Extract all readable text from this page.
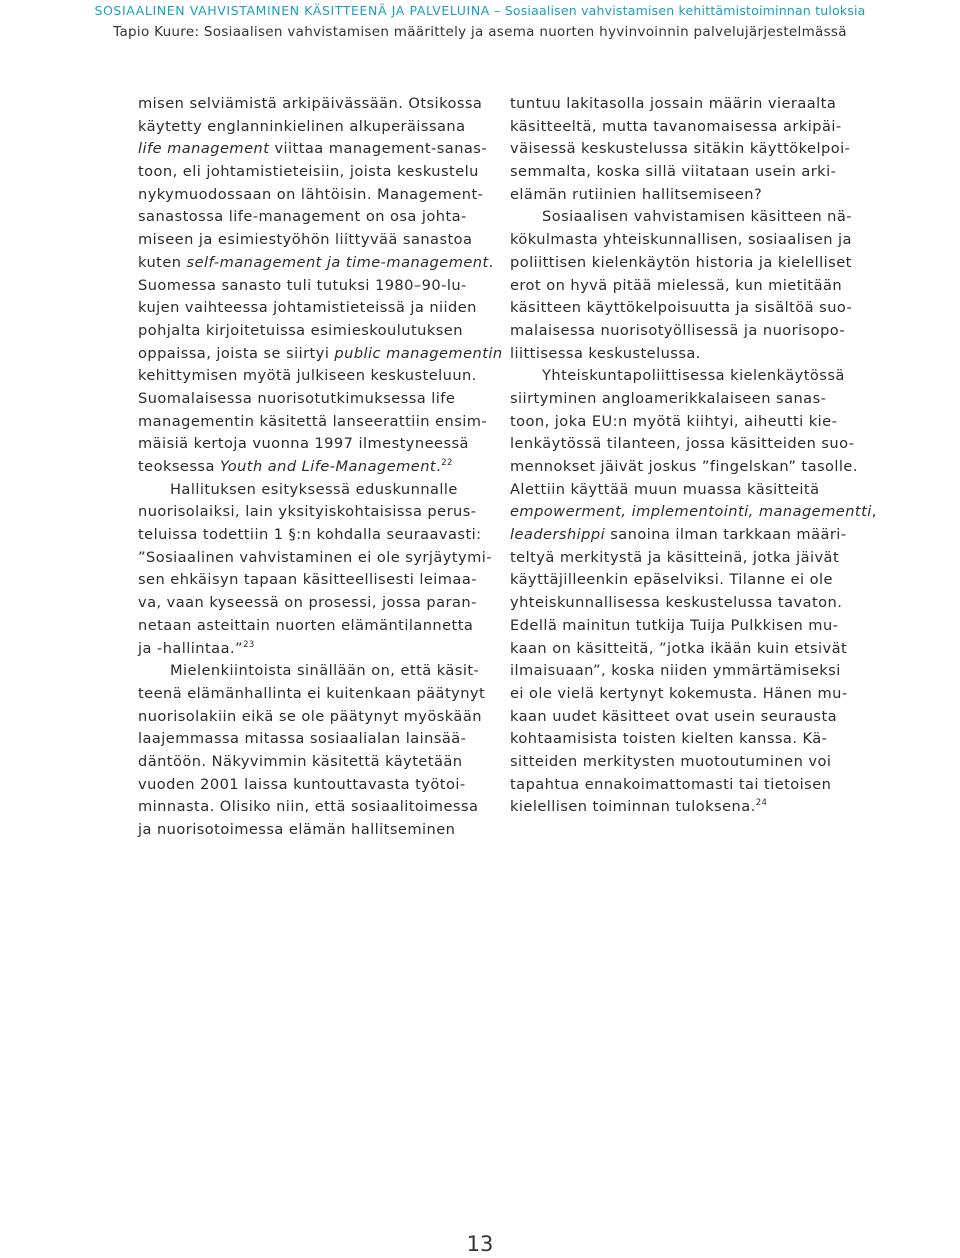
SOSIAALINEN VAHVISTAMINEN KÄSITTEENÄ JA PALVELUINA – Sosiaalisen vahvistamisen kehittämistoiminnan tuloksia
Tapio Kuure: Sosiaalisen vahvistamisen määrittely ja asema nuorten hyvinvoinnin palvelujärjestelmässä
misen selviämistä arkipäivässään. Otsikossa
käytetty englanninkielinen alkuperäissana
life management viittaa management-sanas-
toon, eli johtamistieteisiin, joista keskustelu
nykymuodossaan on lähtöisin. Management-
sanastossa life-management on osa johta-
miseen ja esimiestyöhön liittyvää sanastoa
kuten self-management ja time-management.
Suomessa sanasto tuli tutuksi 1980–90-lu-
kujen vaihteessa johtamistieteissä ja niiden
pohjalta kirjoitetuissa esimieskoulutuksen
oppaissa, joista se siirtyi public managementin
kehittymisen myötä julkiseen keskusteluun.
Suomalaisessa nuorisotutkimuksessa life
managementin käsitettä lanseerattiin ensim-
mäisiä kertoja vuonna 1997 ilmestyneessä
teoksessa Youth and Life-Management.$^{22}$
Hallituksen esityksessä eduskunnalle
nuorisolaiksi, lain yksityiskohtaisissa perus-
teluissa todettiin 1 §:n kohdalla seuraavasti:
”Sosiaalinen vahvistaminen ei ole syrjäytymi-
sen ehkäisyn tapaan käsitteellisesti leimaa-
va, vaan kyseessä on prosessi, jossa paran-
netaan asteittain nuorten elämäntilannetta
ja -hallintaa.”$^{23}$
Mielenkiintoista sinällään on, että käsit-
teenä elämänhallinta ei kuitenkaan päätynyt
nuorisolakiin eikä se ole päätynyt myöskään
laajemmassa mitassa sosiaalialan lainsää-
däntöön. Näkyvimmin käsitettä käytetään
vuoden 2001 laissa kuntouttavasta työtoi-
minnasta. Olisiko niin, että sosiaalitoimessa
ja nuorisotoimessa elämän hallitseminen
tuntuu lakitasolla jossain määrin vieraalta
käsitteeltä, mutta tavanomaisessa arkipäi-
väisessä keskustelussa sitäkin käyttökelpoi-
semmalta, koska sillä viitataan usein arki-
elämän rutiinien hallitsemiseen?
Sosiaalisen vahvistamisen käsitteen nä-
kökulmasta yhteiskunnallisen, sosiaalisen ja
poliittisen kielenkäytön historia ja kielelliset
erot on hyvä pitää mielessä, kun mietitään
käsitteen käyttökelpoisuutta ja sisältöä suo-
malaisessa nuorisotyöllisessä ja nuorisopo-
liittisessa keskustelussa.
Yhteiskuntapoliittisessa kielenkäytössä
siirtyminen angloamerikkalaiseen sanas-
toon, joka EU:n myötä kiihtyi, aiheutti kie-
lenkäytössä tilanteen, jossa käsitteiden suo-
mennokset jäivät joskus ”fingelskan” tasolle.
Alettiin käyttää muun muassa käsitteitä
empowerment, implementointi, managementti,
leadershippi sanoina ilman tarkkaan määri-
teltyä merkitystä ja käsitteinä, jotka jäivät
käyttäjilleenkin epäselviksi. Tilanne ei ole
yhteiskunnallisessa keskustelussa tavaton.
Edellä mainitun tutkija Tuija Pulkkisen mu-
kaan on käsitteitä, ”jotka ikään kuin etsivät
ilmaisuaan”, koska niiden ymmärtämiseksi
ei ole vielä kertynyt kokemusta. Hänen mu-
kaan uudet käsitteet ovat usein seurausta
kohtaamisista toisten kielten kanssa. Kä-
sitteiden merkitysten muotoutuminen voi
tapahtua ennakoimattomasti tai tietoisen
kielellisen toiminnan tuloksena.$^{24}$
13
